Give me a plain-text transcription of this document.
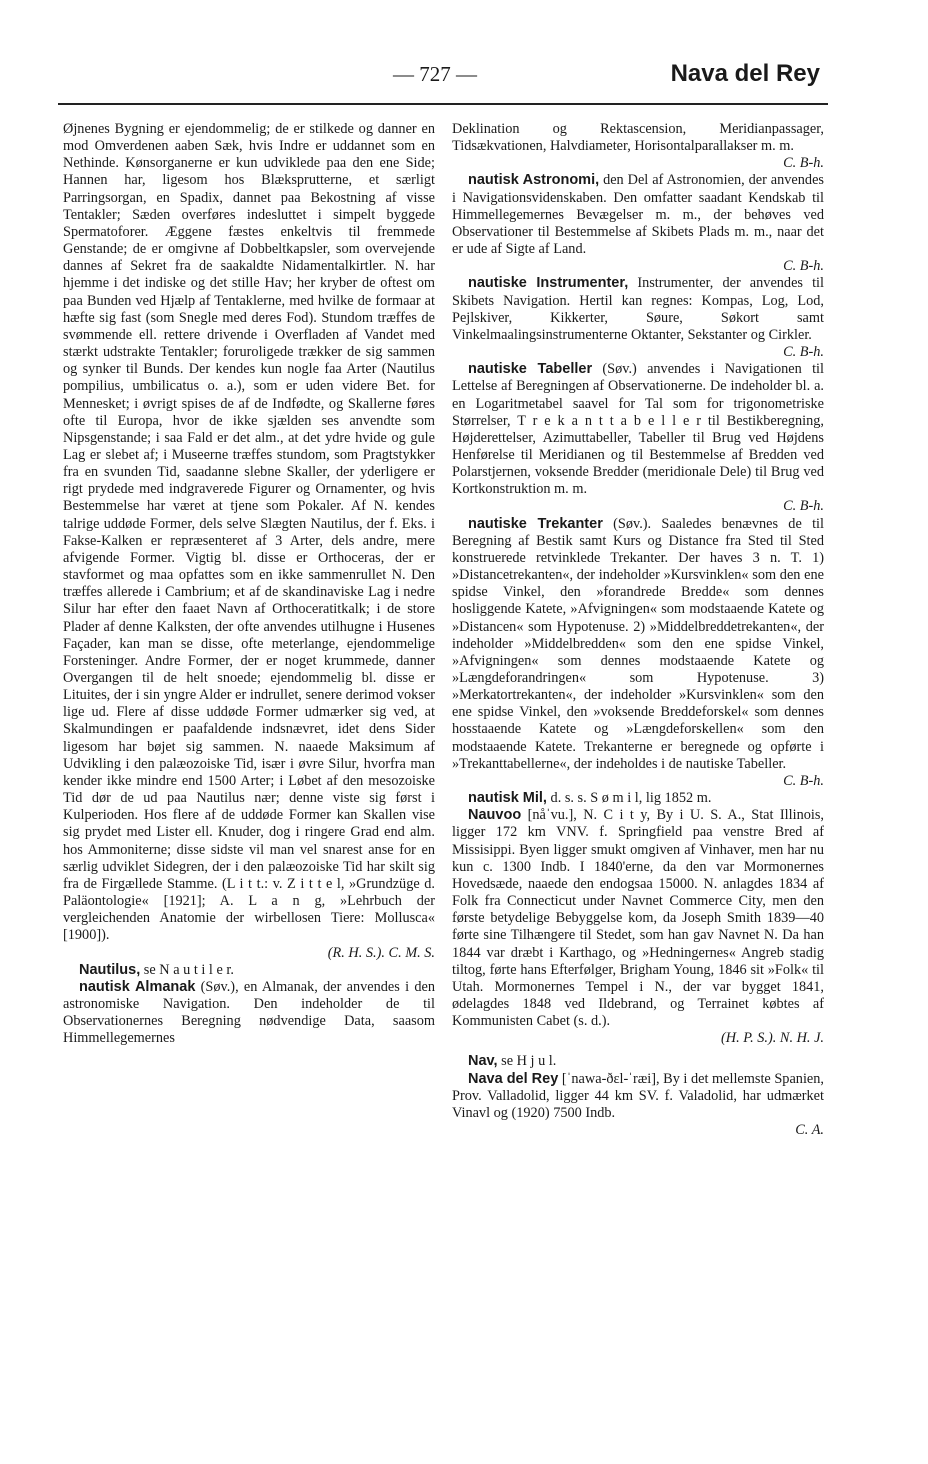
— 727 —	Nava del Rey

Øjnenes Bygning er ejendommelig; de er stilkede og danner en mod Omverdenen aaben Sæk, hvis Indre er uddannet som en Nethinde. Kønsorganerne er kun udviklede paa den ene Side; Hannen har, ligesom hos Blæksprutterne, et særligt Parringsorgan, en Spadix, dannet paa Bekostning af visse Tentakler; Sæden overføres indesluttet i simpelt byggede Spermatoforer. Æggene fæstes enkeltvis til fremmede Genstande; de er omgivne af Dobbeltkapsler, som overvejende dannes af Sekret fra de saakaldte Nidamentalkirtler. N. har hjemme i det indiske og det stille Hav; her kryber de oftest om paa Bunden ved Hjælp af Tentaklerne, med hvilke de formaar at hæfte sig fast (som Snegle med deres Fod). Stundom træffes de svømmende ell. rettere drivende i Overfladen af Vandet med stærkt udstrakte Tentakler; foruroligede trækker de sig sammen og synker til Bunds. Der kendes kun nogle faa Arter (Nautilus pompilius, umbilicatus o. a.), som er uden videre Bet. for Mennesket; i øvrigt spises de af de Indfødte, og Skallerne føres ofte til Europa, hvor de ikke sjælden ses anvendte som Nipsgenstande; i saa Fald er det alm., at det ydre hvide og gule Lag er slebet af; i Museerne træffes stundom, som Pragtstykker fra en svunden Tid, saadanne slebne Skaller, der yderligere er rigt prydede med indgraverede Figurer og Ornamenter, og hvis Bestemmelse har været at tjene som Pokaler. Af N. kendes talrige uddøde Former, dels selve Slægten Nautilus, der f. Eks. i Fakse-Kalken er repræsenteret af 3 Arter, dels andre, mere afvigende Former. Vigtig bl. disse er Orthoceras, der er stavformet og maa opfattes som en ikke sammenrullet N. Den træffes allerede i Cambrium; et af de skandinaviske Lag i nedre Silur har efter den faaet Navn af Orthoceratitkalk; i de store Plader af denne Kalksten, der ofte anvendes utilhugne i Husenes Façader, kan man se disse, ofte meterlange, ejendommelige Forsteninger. Andre Former, der er noget krummede, danner Overgangen til de helt snoede; ejendommelig bl. disse er Lituites, der i sin yngre Alder er indrullet, senere derimod vokser lige ud. Flere af disse uddøde Former udmærker sig ved, at Skalmundingen er paafaldende indsnævret, idet dens Sider ligesom har bøjet sig sammen. N. naaede Maksimum af Udvikling i den palæozoiske Tid, især i øvre Silur, hvorfra man kender ikke mindre end 1500 Arter; i Løbet af den mesozoiske Tid dør de ud paa Nautilus nær; denne viste sig først i Kulperioden. Hos flere af de uddøde Former kan Skallen vise sig prydet med Lister ell. Knuder, dog i ringere Grad end alm. hos Ammoniterne; disse sidste vil man vel snarest anse for en særlig udviklet Sidegren, der i den palæozoiske Tid har skilt sig fra de Firgællede Stamme. (L i t t.: v. Z i t t e l, »Grundzüge d. Paläontologie« [1921]; A. L a n g, »Lehrbuch der vergleichenden Anatomie der wirbellosen Tiere: Mollusca« [1900]).
(R. H. S.). C. M. S.

Nautilus, se N a u t i l e r.

nautisk Almanak (Søv.), en Almanak, der anvendes i den astronomiske Navigation. Den indeholder de til Observationernes Beregning nødvendige Data, saasom Himmellegemernes

Deklination og Rektascension, Meridianpassager, Tidsækvationen, Halvdiameter, Horisontalparallakser m. m.
C. B-h.

nautisk Astronomi, den Del af Astronomien, der anvendes i Navigationsvidenskaben. Den omfatter saadant Kendskab til Himmellegemernes Bevægelser m. m., der behøves ved Observationer til Bestemmelse af Skibets Plads m. m., naar det er ude af Sigte af Land.
C. B-h.

nautiske Instrumenter, Instrumenter, der anvendes til Skibets Navigation. Hertil kan regnes: Kompas, Log, Lod, Pejlskiver, Kikkerter, Søure, Søkort samt Vinkelmaalingsinstrumenterne Oktanter, Sekstanter og Cirkler.
C. B-h.

nautiske Tabeller (Søv.) anvendes i Navigationen til Lettelse af Beregningen af Observationerne. De indeholder bl. a. en Logaritmetabel saavel for Tal som for trigonometriske Størrelser, T r e k a n t t a b e l l e r til Bestikberegning, Højderettelser, Azimuttabeller, Tabeller til Brug ved Højdens Henførelse til Meridianen og til Bestemmelse af Bredden ved Polarstjernen, voksende Bredder (meridionale Dele) til Brug ved Kortkonstruktion m. m.
C. B-h.

nautiske Trekanter (Søv.). Saaledes benævnes de til Beregning af Bestik samt Kurs og Distance fra Sted til Sted konstruerede retvinklede Trekanter. Der haves 3 n. T. 1) »Distancetrekanten«, der indeholder »Kursvinklen« som den ene spidse Vinkel, den »forandrede Bredde« som dennes hosliggende Katete, »Afvigningen« som modstaaende Katete og »Distancen« som Hypotenuse. 2) »Middelbreddetrekanten«, der indeholder »Middelbredden« som den ene spidse Vinkel, »Afvigningen« som dennes modstaaende Katete og »Længdeforandringen« som Hypotenuse. 3) »Merkatortrekanten«, der indeholder »Kursvinklen« som den ene spidse Vinkel, den »voksende Breddeforskel« som dennes hosstaaende Katete og »Længdeforskellen« som den modstaaende Katete. Trekanterne er beregnede og opførte i »Trekanttabellerne«, der indeholdes i de nautiske Tabeller.
C. B-h.

nautisk Mil, d. s. s. S ø m i l, lig 1852 m.

Nauvoo [nåˈvu.], N. C i t y, By i U. S. A., Stat Illinois, ligger 172 km VNV. f. Springfield paa venstre Bred af Missisippi. Byen ligger smukt omgiven af Vinhaver, men har nu kun c. 1300 Indb. I 1840'erne, da den var Mormonernes Hovedsæde, naaede den endogsaa 15000. N. anlagdes 1834 af Folk fra Connecticut under Navnet Commerce City, men den første betydelige Bebyggelse kom, da Joseph Smith 1839—40 førte sine Tilhængere til Stedet, som han gav Navnet N. Da han 1844 var dræbt i Karthago, og »Hedningernes« Angreb stadig tiltog, førte hans Efterfølger, Brigham Young, 1846 sit »Folk« til Utah. Mormonernes Tempel i N., der var bygget 1841, ødelagdes 1848 ved Ildebrand, og Terrainet købtes af Kommunisten Cabet (s. d.).
(H. P. S.). N. H. J.

Nav, se H j u l.

Nava del Rey [ˈnawa-ðɛl-ˈræi], By i det mellemste Spanien, Prov. Valladolid, ligger 44 km SV. f. Valadolid, har udmærket Vinavl og (1920) 7500 Indb.
C. A.
